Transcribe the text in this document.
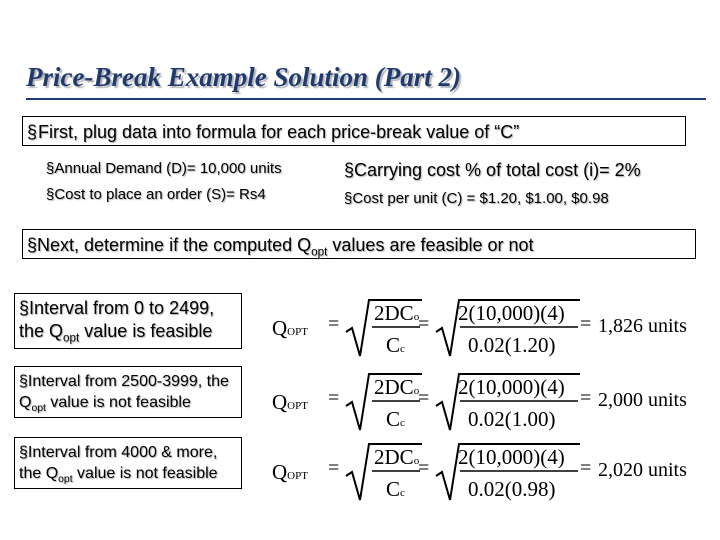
Price-Break Example Solution (Part 2)
§First, plug data into formula for each price-break value of “C”
§Annual Demand (D)= 10,000 units
§Cost to place an order (S)= Rs4
§Carrying cost % of total cost (i)= 2%
§Cost per unit (C) = $1.20, $1.00, $0.98
§Next, determine if the computed $Q_{opt}$ values are feasible or not
§Interval from 0 to 2499,
the $Q_{opt}$ value is feasible
§Interval from 2500-3999, the
$Q_{opt}$ value is not feasible
§Interval from 4000 & more,
the $Q_{opt}$ value is not feasible
QOPT = 2DCo
Cc
= 2(10,000)(4)
0.02(1.20)
= 1,826 units
QOPT = 2DCo
Cc
= 2(10,000)(4)
0.02(1.00)
= 2,000 units
QOPT = 2DCo
Cc
= 2(10,000)(4)
0.02(0.98)
= 2,020 units
